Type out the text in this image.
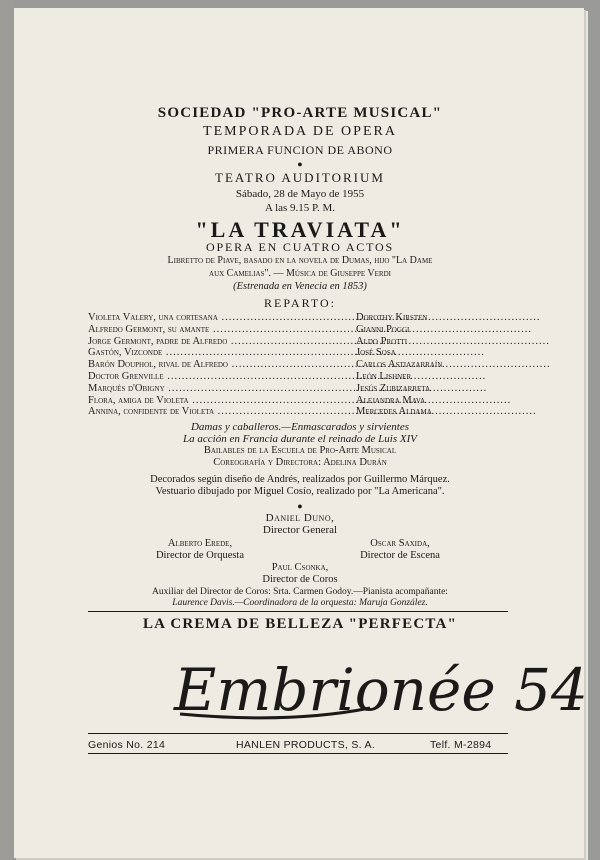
SOCIEDAD "PRO-ARTE MUSICAL"
TEMPORADA DE OPERA
PRIMERA FUNCION DE ABONO
●
TEATRO AUDITORIUM
Sábado, 28 de Mayo de 1955
A las 9.15 P. M.
"LA TRAVIATA"
OPERA EN CUATRO ACTOS
Libretto de Piave, basado en la novela de Dumas, hijo "La Dame
aux Camelias". — Música de Giuseppe Verdi
(Estrenada en Venecia en 1853)
REPARTO:
Violeta Valery, una cortesana .....	Dorothy Kirsten
Alfredo Germont, su amante .....	Gianni Poggi
Jorge Germont, padre de Alfredo .....	Aldo Protti
Gastón, Vizconde .....	José Sosa
Barón Douphol, rival de Alfredo .....	Carlos Astiazarraín
Doctor Grenville .....	León Lishner
Marqués d'Obigny .....	Jesús Zubizarreta
Flora, amiga de Violeta .....	Alejandra Mava
Annina, confidente de Violeta .....	Mercedes Aldama
Damas y caballeros.—Enmascarados y sirvientes
La acción en Francia durante el reinado de Luis XIV
Bailables de la Escuela de Pro-Arte Musical
Coreografía y Directora: Adelina Durán
Decorados según diseño de Andrés, realizados por Guillermo Márquez.
Vestuario dibujado por Miguel Cosío, realizado por "La Americana".
●
Daniel Duno,
Director General
Alberto Erede,
Director de Orquesta
Oscar Saxida,
Director de Escena
Paul Csonka,
Director de Coros
Auxiliar del Director de Coros: Srta. Carmen Godoy.—Pianista acompañante:
Laurence Davis.—Coordinadora de la orquesta: Maruja González.
LA CREMA DE BELLEZA "PERFECTA"
Embrionée 54
Genios No. 214	HANLEN PRODUCTS, S. A.	Telf. M-2894
